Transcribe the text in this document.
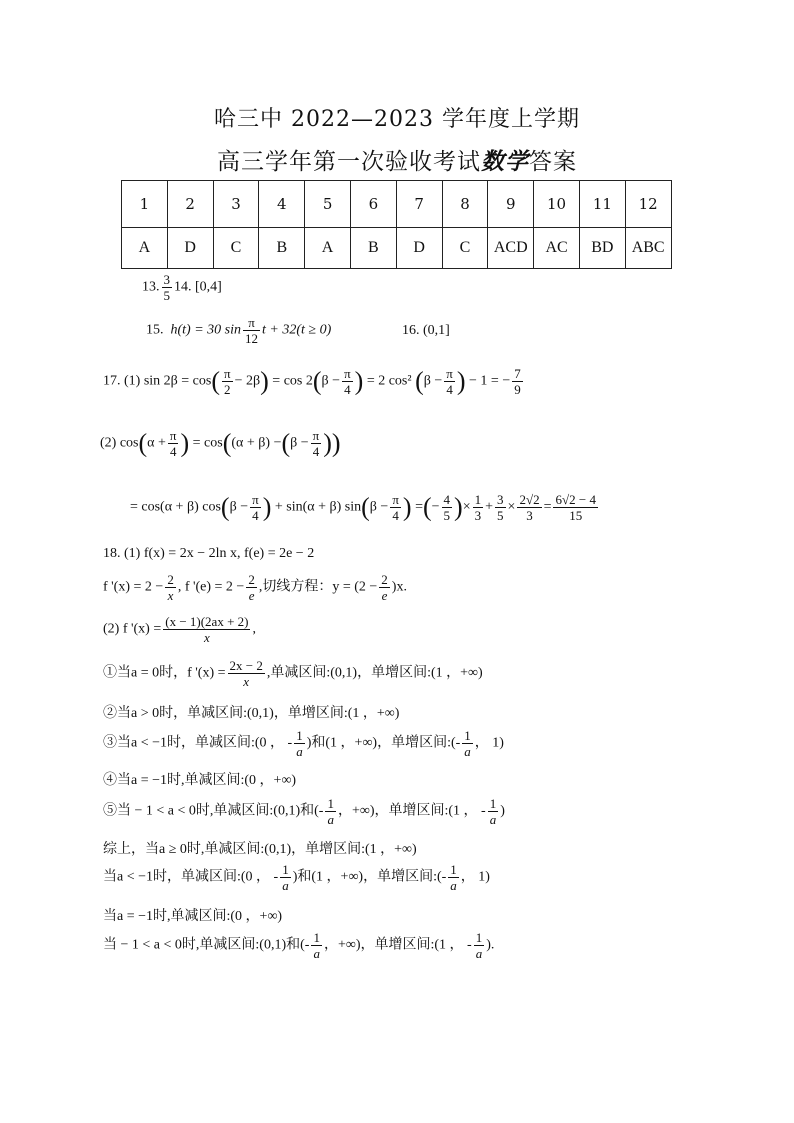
哈三中 2022—2023 学年度上学期
高三学年第一次验收考试数学答案
1	2	3	4	5	6	7	8	9	10	11	12
A	D	C	B	A	B	D	C	ACD	AC	BD	ABC
13. $\frac{3}{5} 14$. [0,4]
15. h(t) = 30 $\sin \frac{\pi}{12}$ t + 32(t ≥ 0)	16. (0,1]
17. (1) $\sin 2\beta = \cos( \frac{\pi}{2} - 2\beta) = \cos 2(\beta - \frac{\pi}{4}$ ) = 2 cos² ($\beta - \frac{\pi}{4}$ ) − 1 = − $\frac{7}{9}$
(2) $\cos(\alpha + \frac{\pi}{4}$ ) = $\cos((\alpha + \beta) -(\beta - \frac{\pi}{4}$ ))
= cos(α + β) $\cos(\beta - \frac{\pi}{4}$ ) + sin(α + β) $\sin(\beta - \frac{\pi}{4}$ ) =(− $\frac{4}{5}$ )× $\frac{1}{3} + \frac{3}{5} \times \frac{2√2}{3} = \frac{6√2 - 4}{15}$
18. (1) f(x) = 2x − 2ln x, f(e) = 2e − 2
f '$(x) = 2 - \frac{2}{x}$ , f '$(e) = 2 - \frac{2}{e}$ ,切线方程：$y = (2 - \frac{2}{e} )x$.
(2) f '$(x) = \frac{(x - 1)(2ax + 2)}{x}$ ,
①当a = 0时，f '$(x) = \frac{2x - 2}{x}$ ,单减区间:(0,1)，单增区间:(1 ，+∞)
②当a > 0时，单减区间:(0,1)，单增区间:(1 ，+∞)
③当a < −1时，单减区间:(0 ， - $\frac{1}{a}$ )和(1 ，+∞)，单增区间:(- $\frac{1}{a}$ ， 1)
④当a = −1时,单减区间:(0 ，+∞)
⑤当 − 1 < a < 0时,单减区间:(0,1)和(- $\frac{1}{a}$ ，+∞)，单增区间:(1 ， - $\frac{1}{a}$ )
综上，当a ≥ 0时,单减区间:(0,1)，单增区间:(1 ，+∞)
当a < −1时，单减区间:(0 ， - $\frac{1}{a}$ )和(1 ，+∞)，单增区间:(- $\frac{1}{a}$ ， 1)
当a = −1时,单减区间:(0 ，+∞)
当 − 1 < a < 0时,单减区间:(0,1)和(- $\frac{1}{a}$ ，+∞)，单增区间:(1 ， - $\frac{1}{a}$ ).
